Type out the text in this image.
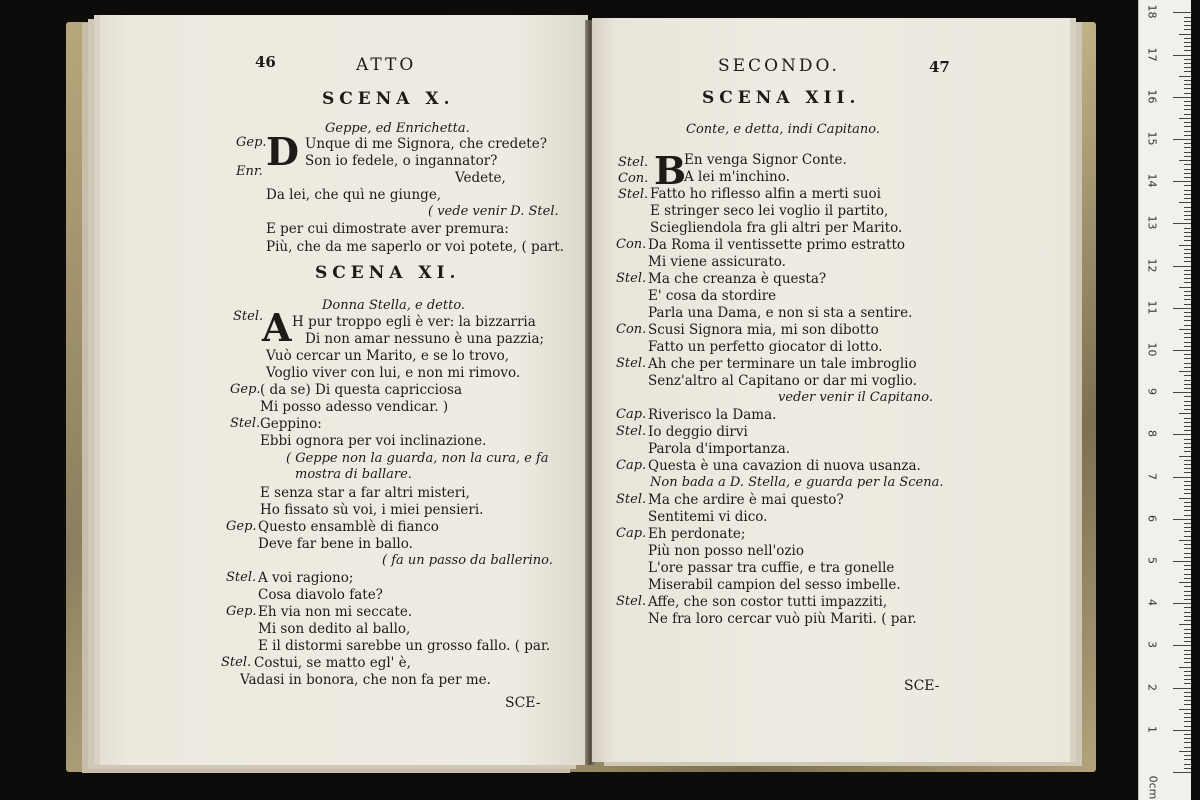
46	ATTO
SCENA X.
Geppe, ed Enrichetta.
D
Gep.	Unque di me Signora, che credete?
Son io fedele, o ingannator?
Enr.	Vedete,
Da lei, che quì ne giunge,
( vede venir D. Stel.
E per cui dimostrate aver premura:
Più, che da me saperlo or voi potete, ( part.
SCENA XI.
Donna Stella, e detto.
A
Stel. H pur troppo egli è ver: la bizzarria
Di non amar nessuno è una pazzia;
Vuò cercar un Marito, e se lo trovo,
Voglio viver con lui, e non mi rimovo.
Gep. ( da se) Di questa capricciosa
Mi posso adesso vendicar. )
Stel. Geppino:
Ebbi ognora per voi inclinazione.
( Geppe non la guarda, non la cura, e fa
mostra di ballare.
E senza star a far altri misteri,
Ho fissato sù voi, i miei pensieri.
Gep. Questo ensamblè di fianco
Deve far bene in ballo.
( fa un passo da ballerino.
Stel. A voi ragiono;
Cosa diavolo fate?
Gep. Eh via non mi seccate.
Mi son dedito al ballo,
E il distormi sarebbe un grosso fallo. ( par.
Stel. Costui, se matto egl' è,
Vadasi in bonora, che non fa per me.
SCE-
SECONDO.	47
SCENA XII.
Conte, e detta, indi Capitano.
B
Stel.	En venga Signor Conte.
Con.	A lei m'inchino.
Stel. Fatto ho riflesso alfin a merti suoi
E stringer seco lei voglio il partito,
Sciegliendola fra gli altri per Marito.
Con. Da Roma il ventissette primo estratto
Mi viene assicurato.
Stel. Ma che creanza è questa?
E' cosa da stordire
Parla una Dama, e non si sta a sentire.
Con. Scusi Signora mia, mi son dibotto
Fatto un perfetto giocator di lotto.
Stel. Ah che per terminare un tale imbroglio
Senz'altro al Capitano or dar mi voglio.
veder venir il Capitano.
Cap. Riverisco la Dama.
Stel. Io deggio dirvi
Parola d'importanza.
Cap. Questa è una cavazion di nuova usanza.
Non bada a D. Stella, e guarda per la Scena.
Stel. Ma che ardire è mai questo?
Sentitemi vi dico.
Cap. Eh perdonate;
Più non posso nell'ozio
L'ore passar tra cuffie, e tra gonelle
Miserabil campion del sesso imbelle.
Stel. Affe, che son costor tutti impazziti,
Ne fra loro cercar vuò più Mariti. ( par.
SCE-
0cm
1
2
3
4
5
6
7
8
9
10
11
12
13
14
15
16
17
18
